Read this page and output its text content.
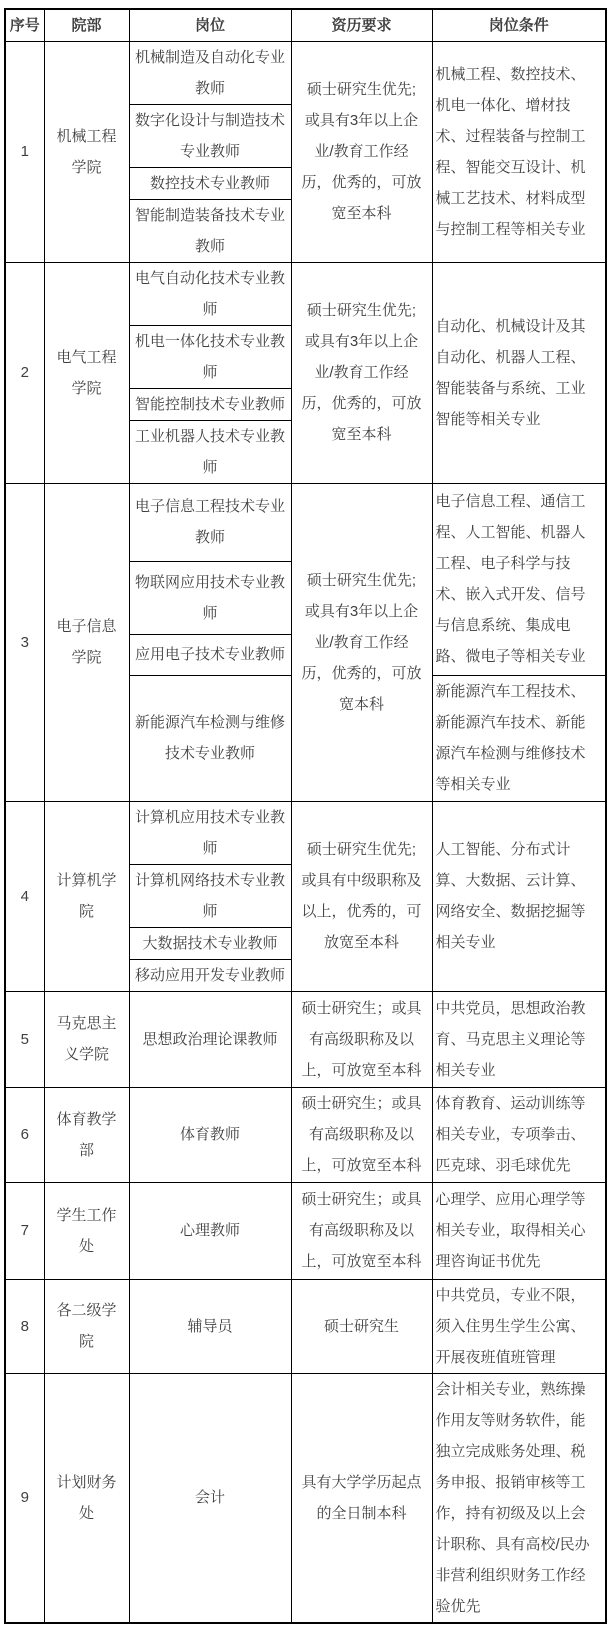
序号	院部	岗位	资历要求	岗位条件
1	机械工程学院	机械制造及自动化专业教师	硕士研究生优先;或具有3年以上企业/教育工作经历，优秀的，可放宽至本科	机械工程、数控技术、机电一体化、增材技术、过程装备与控制工程、智能交互设计、机械工艺技术、材料成型与控制工程等相关专业
		数字化设计与制造技术专业教师		
		数控技术专业教师		
		智能制造装备技术专业教师		
2	电气工程学院	电气自动化技术专业教师	硕士研究生优先;或具有3年以上企业/教育工作经历，优秀的，可放宽至本科	自动化、机械设计及其自动化、机器人工程、智能装备与系统、工业智能等相关专业
		机电一体化技术专业教师		
		智能控制技术专业教师		
		工业机器人技术专业教师		
3	电子信息学院	电子信息工程技术专业教师	硕士研究生优先;或具有3年以上企业/教育工作经历，优秀的，可放宽本科	电子信息工程、通信工程、人工智能、机器人工程、电子科学与技术、嵌入式开发、信号与信息系统、集成电路、微电子等相关专业
		物联网应用技术专业教师		
		应用电子技术专业教师		
		新能源汽车检测与维修技术专业教师		新能源汽车工程技术、新能源汽车技术、新能源汽车检测与维修技术等相关专业
4	计算机学院	计算机应用技术专业教师	硕士研究生优先;或具有中级职称及以上，优秀的，可放宽至本科	人工智能、分布式计算、大数据、云计算、网络安全、数据挖掘等相关专业
		计算机网络技术专业教师		
		大数据技术专业教师		
		移动应用开发专业教师		
5	马克思主义学院	思想政治理论课教师	硕士研究生；或具有高级职称及以上，可放宽至本科	中共党员，思想政治教育、马克思主义理论等相关专业
6	体育教学部	体育教师	硕士研究生；或具有高级职称及以上，可放宽至本科	体育教育、运动训练等相关专业，专项拳击、匹克球、羽毛球优先
7	学生工作处	心理教师	硕士研究生；或具有高级职称及以上，可放宽至本科	心理学、应用心理学等相关专业，取得相关心理咨询证书优先
8	各二级学院	辅导员	硕士研究生	中共党员，专业不限，须入住男生学生公寓、开展夜班值班管理
9	计划财务处	会计	具有大学学历起点的全日制本科	会计相关专业，熟练操作用友等财务软件，能独立完成账务处理、税务申报、报销审核等工作，持有初级及以上会计职称、具有高校/民办非营利组织财务工作经验优先
